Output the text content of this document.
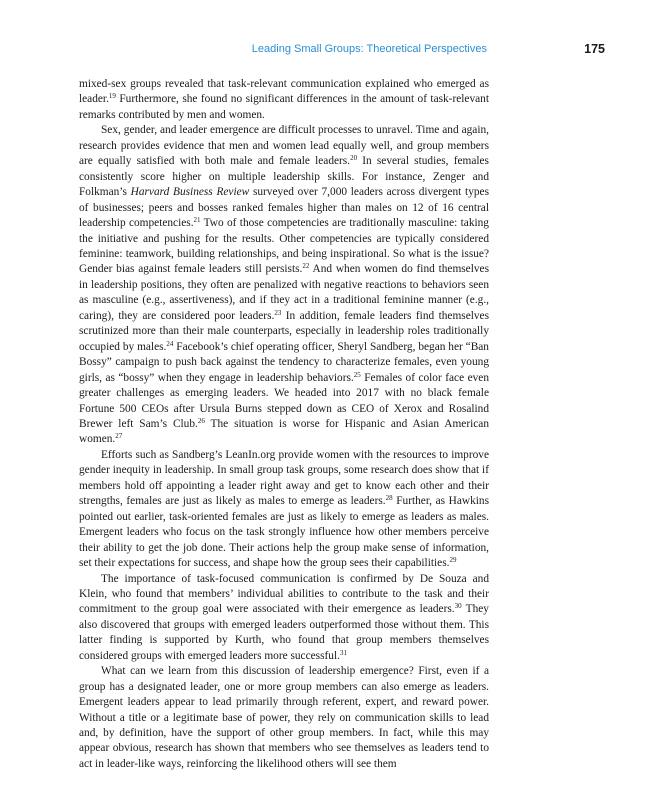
Leading Small Groups: Theoretical Perspectives	175

mixed-sex groups revealed that task-relevant communication explained who emerged as leader.$^{19}$ Furthermore, she found no significant differences in the amount of task-relevant remarks contributed by men and women.

Sex, gender, and leader emergence are difficult processes to unravel. Time and again, research provides evidence that men and women lead equally well, and group members are equally satisfied with both male and female leaders.$^{20}$ In several studies, females consistently score higher on multiple leadership skills. For instance, Zenger and Folkman’s Harvard Business Review surveyed over 7,000 leaders across divergent types of businesses; peers and bosses ranked females higher than males on 12 of 16 central leadership competencies.$^{21}$ Two of those competencies are traditionally masculine: taking the initiative and pushing for the results. Other competencies are typically considered feminine: teamwork, building relationships, and being inspirational. So what is the issue? Gender bias against female leaders still persists.$^{22}$ And when women do find themselves in leadership positions, they often are penalized with negative reactions to behaviors seen as masculine (e.g., assertiveness), and if they act in a traditional feminine manner (e.g., caring), they are considered poor leaders.$^{23}$ In addition, female leaders find themselves scrutinized more than their male counterparts, especially in leadership roles traditionally occupied by males.$^{24}$ Facebook’s chief operating officer, Sheryl Sandberg, began her “Ban Bossy” campaign to push back against the tendency to characterize females, even young girls, as “bossy” when they engage in leadership behaviors.$^{25}$ Females of color face even greater challenges as emerging leaders. We headed into 2017 with no black female Fortune 500 CEOs after Ursula Burns stepped down as CEO of Xerox and Rosalind Brewer left Sam’s Club.$^{26}$ The situation is worse for Hispanic and Asian American women.$^{27}$

Efforts such as Sandberg’s LeanIn.org provide women with the resources to improve gender inequity in leadership. In small group task groups, some research does show that if members hold off appointing a leader right away and get to know each other and their strengths, females are just as likely as males to emerge as leaders.$^{28}$ Further, as Hawkins pointed out earlier, task-oriented females are just as likely to emerge as leaders as males. Emergent leaders who focus on the task strongly influence how other members perceive their ability to get the job done. Their actions help the group make sense of information, set their expectations for success, and shape how the group sees their capabilities.$^{29}$

The importance of task-focused communication is confirmed by De Souza and Klein, who found that members’ individual abilities to contribute to the task and their commitment to the group goal were associated with their emergence as leaders.$^{30}$ They also discovered that groups with emerged leaders outperformed those without them. This latter finding is supported by Kurth, who found that group members themselves considered groups with emerged leaders more successful.$^{31}$

What can we learn from this discussion of leadership emergence? First, even if a group has a designated leader, one or more group members can also emerge as leaders. Emergent leaders appear to lead primarily through referent, expert, and reward power. Without a title or a legitimate base of power, they rely on communication skills to lead and, by definition, have the support of other group members. In fact, while this may appear obvious, research has shown that members who see themselves as leaders tend to act in leader-like ways, reinforcing the likelihood others will see them
